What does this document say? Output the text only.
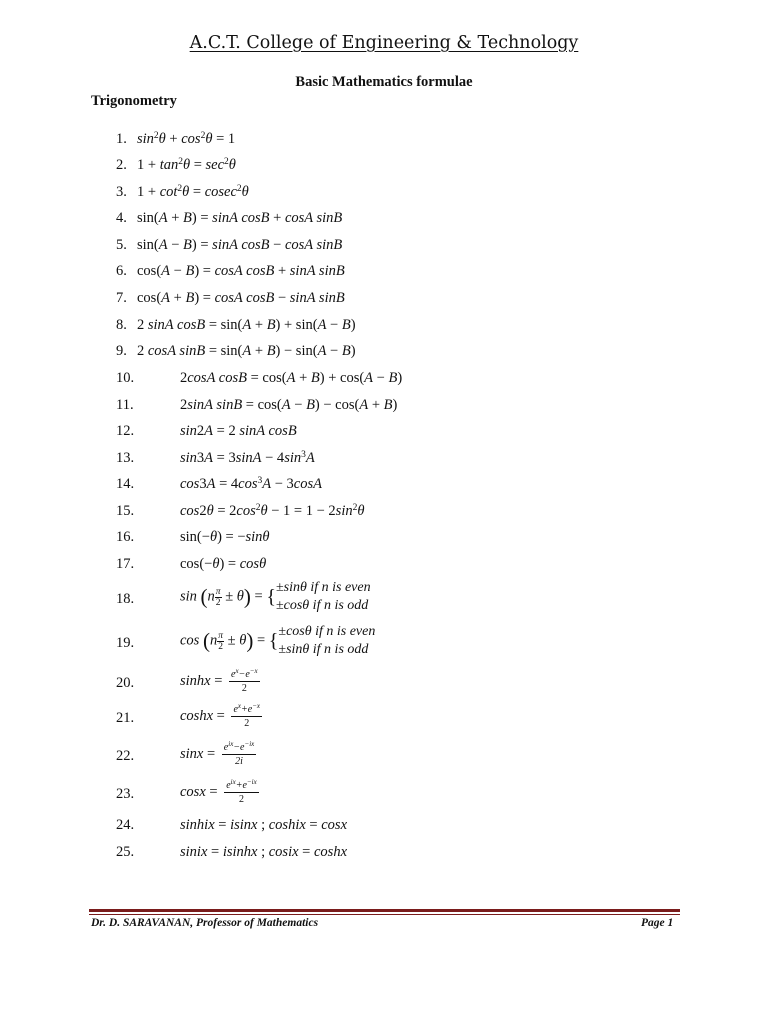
A.C.T. College of Engineering & Technology
Basic Mathematics formulae
Trigonometry
1. $\sin^2\theta + \cos^2\theta = 1$
2. $1 + \tan^2\theta = \sec^2\theta$
3. $1 + \cot^2\theta = cosec^2\theta$
4. sin(A + B) = sinA cosB + cosA sinB
5. sin(A − B) = sinA cosB − cosA sinB
6. cos(A − B) = cosA cosB + sinA sinB
7. cos(A + B) = cosA cosB − sinA sinB
8. 2 sinA cosB = sin(A + B) + sin(A − B)
9. 2 cosA sinB = sin(A + B) − sin(A − B)
10.	2cosA cosB = cos(A + B) + cos(A − B)
11.	2sinA sinB = cos(A − B) − cos(A + B)
12.	sin2A = 2 sinA cosB
13.	$\sin 3A = 3\sin A - 4\sin^3A$
14.	$\cos 3A = 4\cos^3A - 3\cos A$
15.	$\cos 2\theta = 2\cos^2\theta - 1 = 1 - 2\sin^2\theta$
16.	sin(−θ) = −sinθ
17.	cos(−θ) = cosθ
18.	$\sin (n \frac{\pi}{2} \pm \theta)$ = { ±sinθ if n is even
±cosθ if n is odd
19.	$\cos (n \frac{\pi}{2} \pm \theta)$ = { ±cosθ if n is even
±sinθ if n is odd
20.	$\sinh x = \frac{e^x-e^{-x}}{2}$
21.	$\cosh x = \frac{e^x+e^{-x}}{2}$
22.	$\sin x = e^{ix}-e^{-ix}$
2i
23.	$\cos x = e^{ix}+e^{-ix}$
2
24.	sinhix = isinx ; coshix = cosx
25.	sinix = isinhx ; cosix = coshx
Dr. D. SARAVANAN, Professor of Mathematics	Page 1
